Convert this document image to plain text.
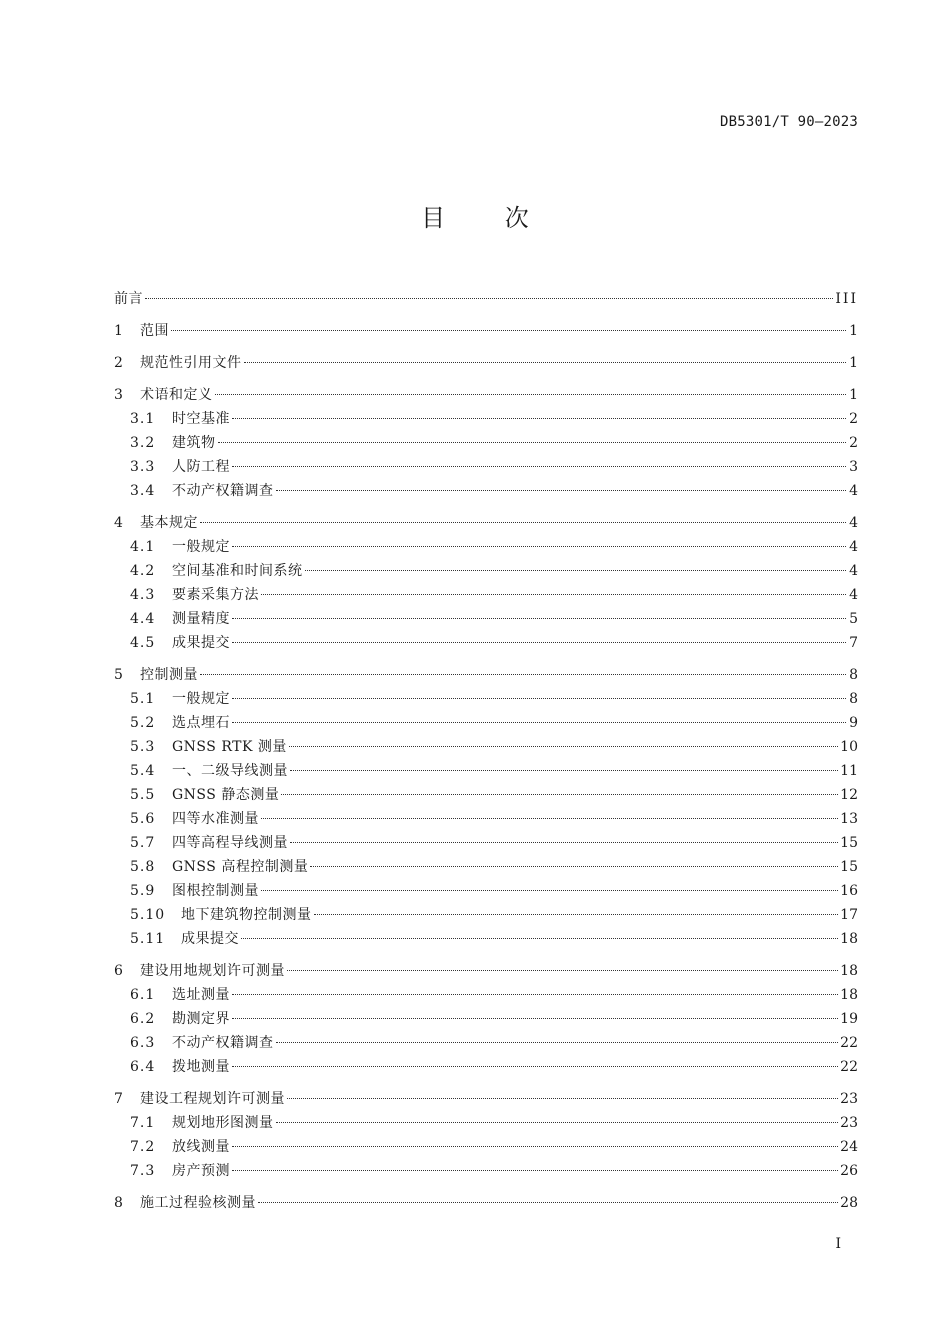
DB5301/T 90—2023
目 次
前言	III
1	范围	1
2	规范性引用文件	1
3	术语和定义	1
3.1	时空基准	2
3.2	建筑物	2
3.3	人防工程	3
3.4	不动产权籍调查	4
4	基本规定	4
4.1	一般规定	4
4.2	空间基准和时间系统	4
4.3	要素采集方法	4
4.4	测量精度	5
4.5	成果提交	7
5	控制测量	8
5.1	一般规定	8
5.2	选点埋石	9
5.3	GNSS RTK 测量	10
5.4	一、二级导线测量	11
5.5	GNSS 静态测量	12
5.6	四等水准测量	13
5.7	四等高程导线测量	15
5.8	GNSS 高程控制测量	15
5.9	图根控制测量	16
5.10	地下建筑物控制测量	17
5.11	成果提交	18
6	建设用地规划许可测量	18
6.1	选址测量	18
6.2	勘测定界	19
6.3	不动产权籍调查	22
6.4	拨地测量	22
7	建设工程规划许可测量	23
7.1	规划地形图测量	23
7.2	放线测量	24
7.3	房产预测	26
8	施工过程验核测量	28
I
